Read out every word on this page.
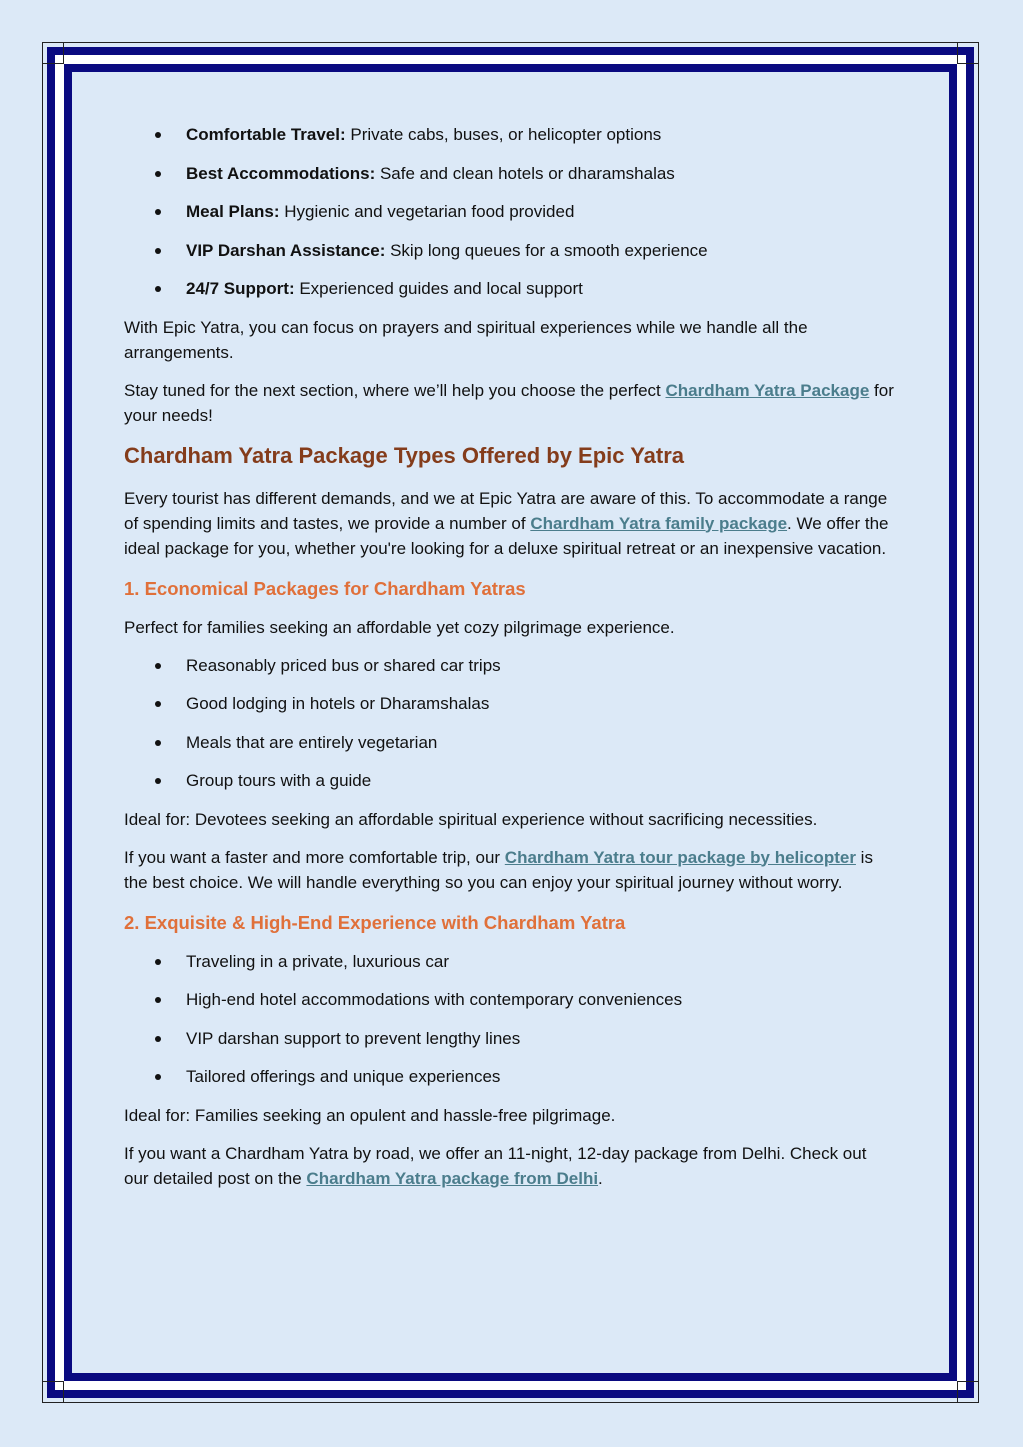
Comfortable Travel: Private cabs, buses, or helicopter options
Best Accommodations: Safe and clean hotels or dharamshalas
Meal Plans: Hygienic and vegetarian food provided
VIP Darshan Assistance: Skip long queues for a smooth experience
24/7 Support: Experienced guides and local support

With Epic Yatra, you can focus on prayers and spiritual experiences while we handle all the arrangements.

Stay tuned for the next section, where we’ll help you choose the perfect Chardham Yatra Package for your needs!

Chardham Yatra Package Types Offered by Epic Yatra

Every tourist has different demands, and we at Epic Yatra are aware of this. To accommodate a range of spending limits and tastes, we provide a number of Chardham Yatra family package. We offer the ideal package for you, whether you're looking for a deluxe spiritual retreat or an inexpensive vacation.

1. Economical Packages for Chardham Yatras

Perfect for families seeking an affordable yet cozy pilgrimage experience.

Reasonably priced bus or shared car trips
Good lodging in hotels or Dharamshalas
Meals that are entirely vegetarian
Group tours with a guide

Ideal for: Devotees seeking an affordable spiritual experience without sacrificing necessities.

If you want a faster and more comfortable trip, our Chardham Yatra tour package by helicopter is the best choice. We will handle everything so you can enjoy your spiritual journey without worry.

2. Exquisite & High-End Experience with Chardham Yatra
Traveling in a private, luxurious car
High-end hotel accommodations with contemporary conveniences
VIP darshan support to prevent lengthy lines
Tailored offerings and unique experiences

Ideal for: Families seeking an opulent and hassle-free pilgrimage.

If you want a Chardham Yatra by road, we offer an 11-night, 12-day package from Delhi. Check out our detailed post on the Chardham Yatra package from Delhi.
